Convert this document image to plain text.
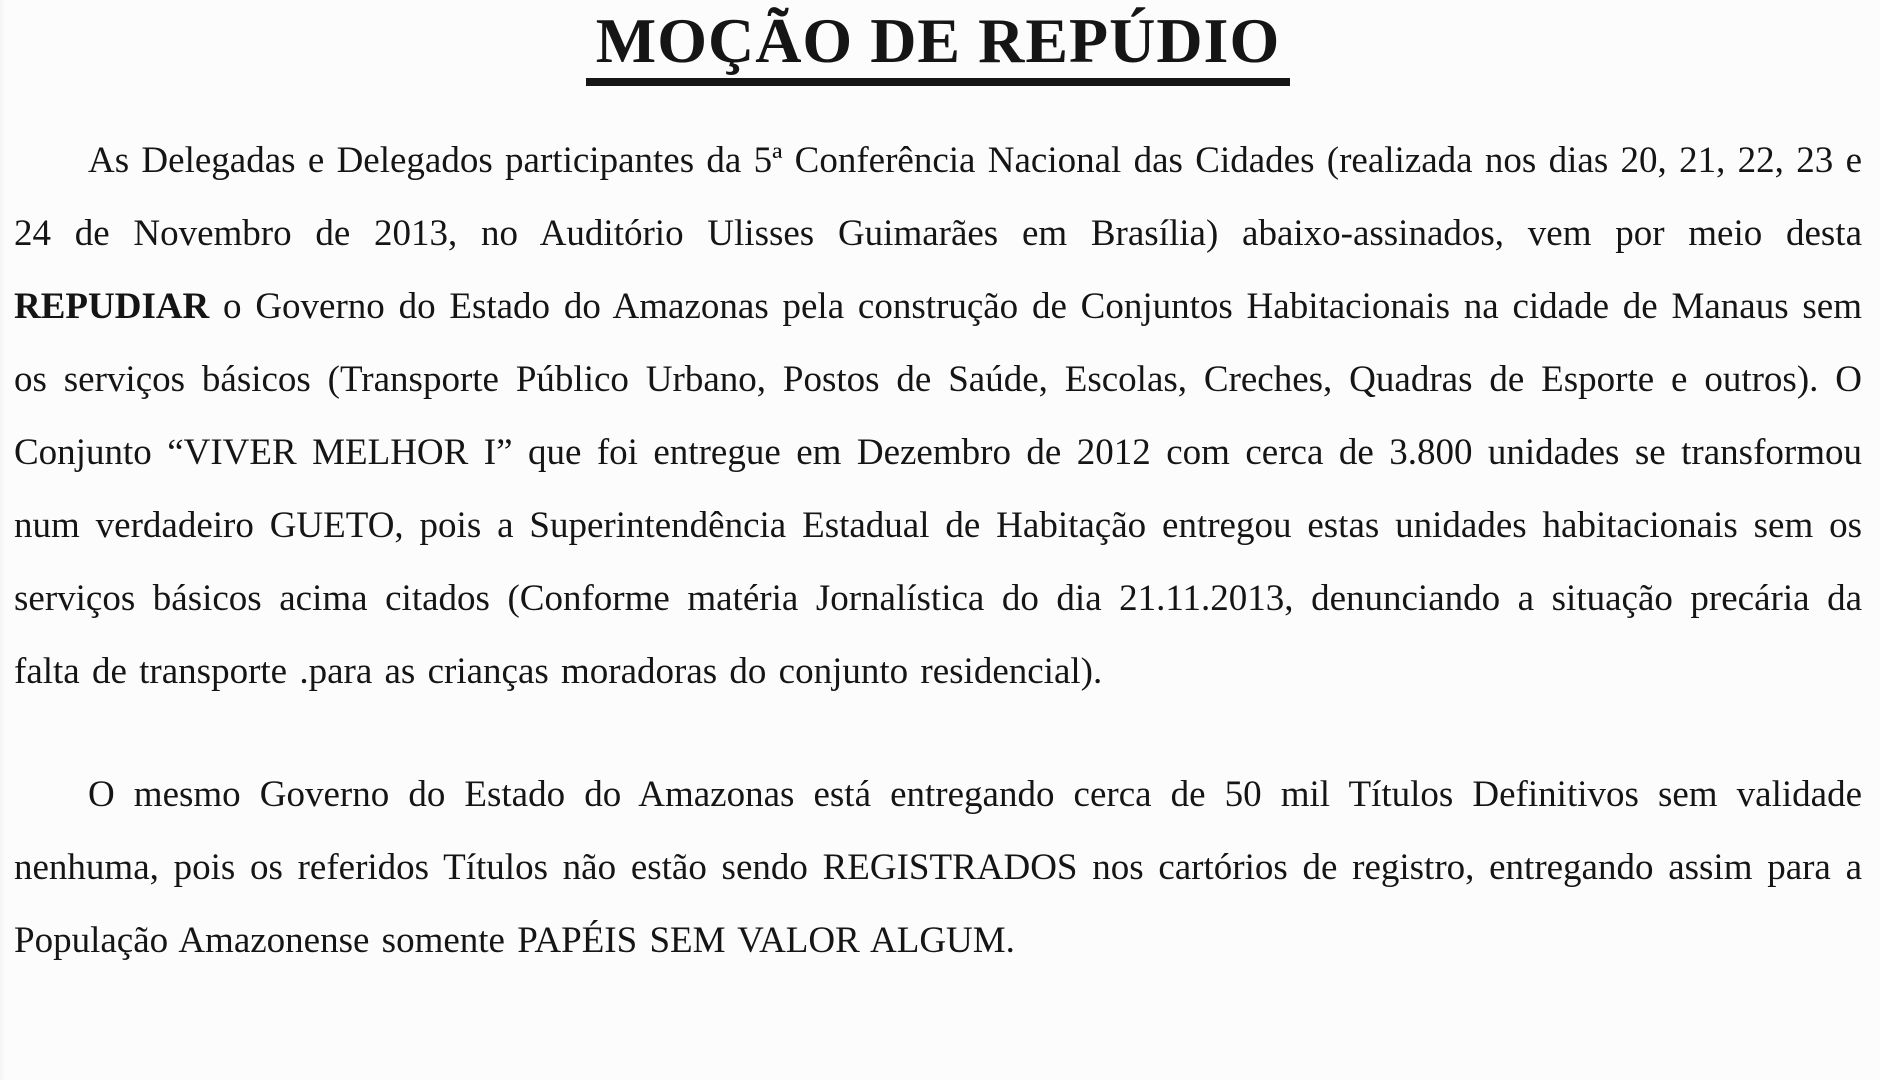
MOÇÃO DE REPÚDIO

As Delegadas e Delegados participantes da 5ª Conferência Nacional das Cidades (realizada nos dias 20, 21, 22, 23 e 24 de Novembro de 2013, no Auditório Ulisses Guimarães em Brasília) abaixo-assinados, vem por meio desta REPUDIAR o Governo do Estado do Amazonas pela construção de Conjuntos Habitacionais na cidade de Manaus sem os serviços básicos (Transporte Público Urbano, Postos de Saúde, Escolas, Creches, Quadras de Esporte e outros). O Conjunto “VIVER MELHOR I” que foi entregue em Dezembro de 2012 com cerca de 3.800 unidades se transformou num verdadeiro GUETO, pois a Superintendência Estadual de Habitação entregou estas unidades habitacionais sem os serviços básicos acima citados (Conforme matéria Jornalística do dia 21.11.2013, denunciando a situação precária da falta de transporte .para as crianças moradoras do conjunto residencial).

O mesmo Governo do Estado do Amazonas está entregando cerca de 50 mil Títulos Definitivos sem validade nenhuma, pois os referidos Títulos não estão sendo REGISTRADOS nos cartórios de registro, entregando assim para a População Amazonense somente PAPÉIS SEM VALOR ALGUM.
